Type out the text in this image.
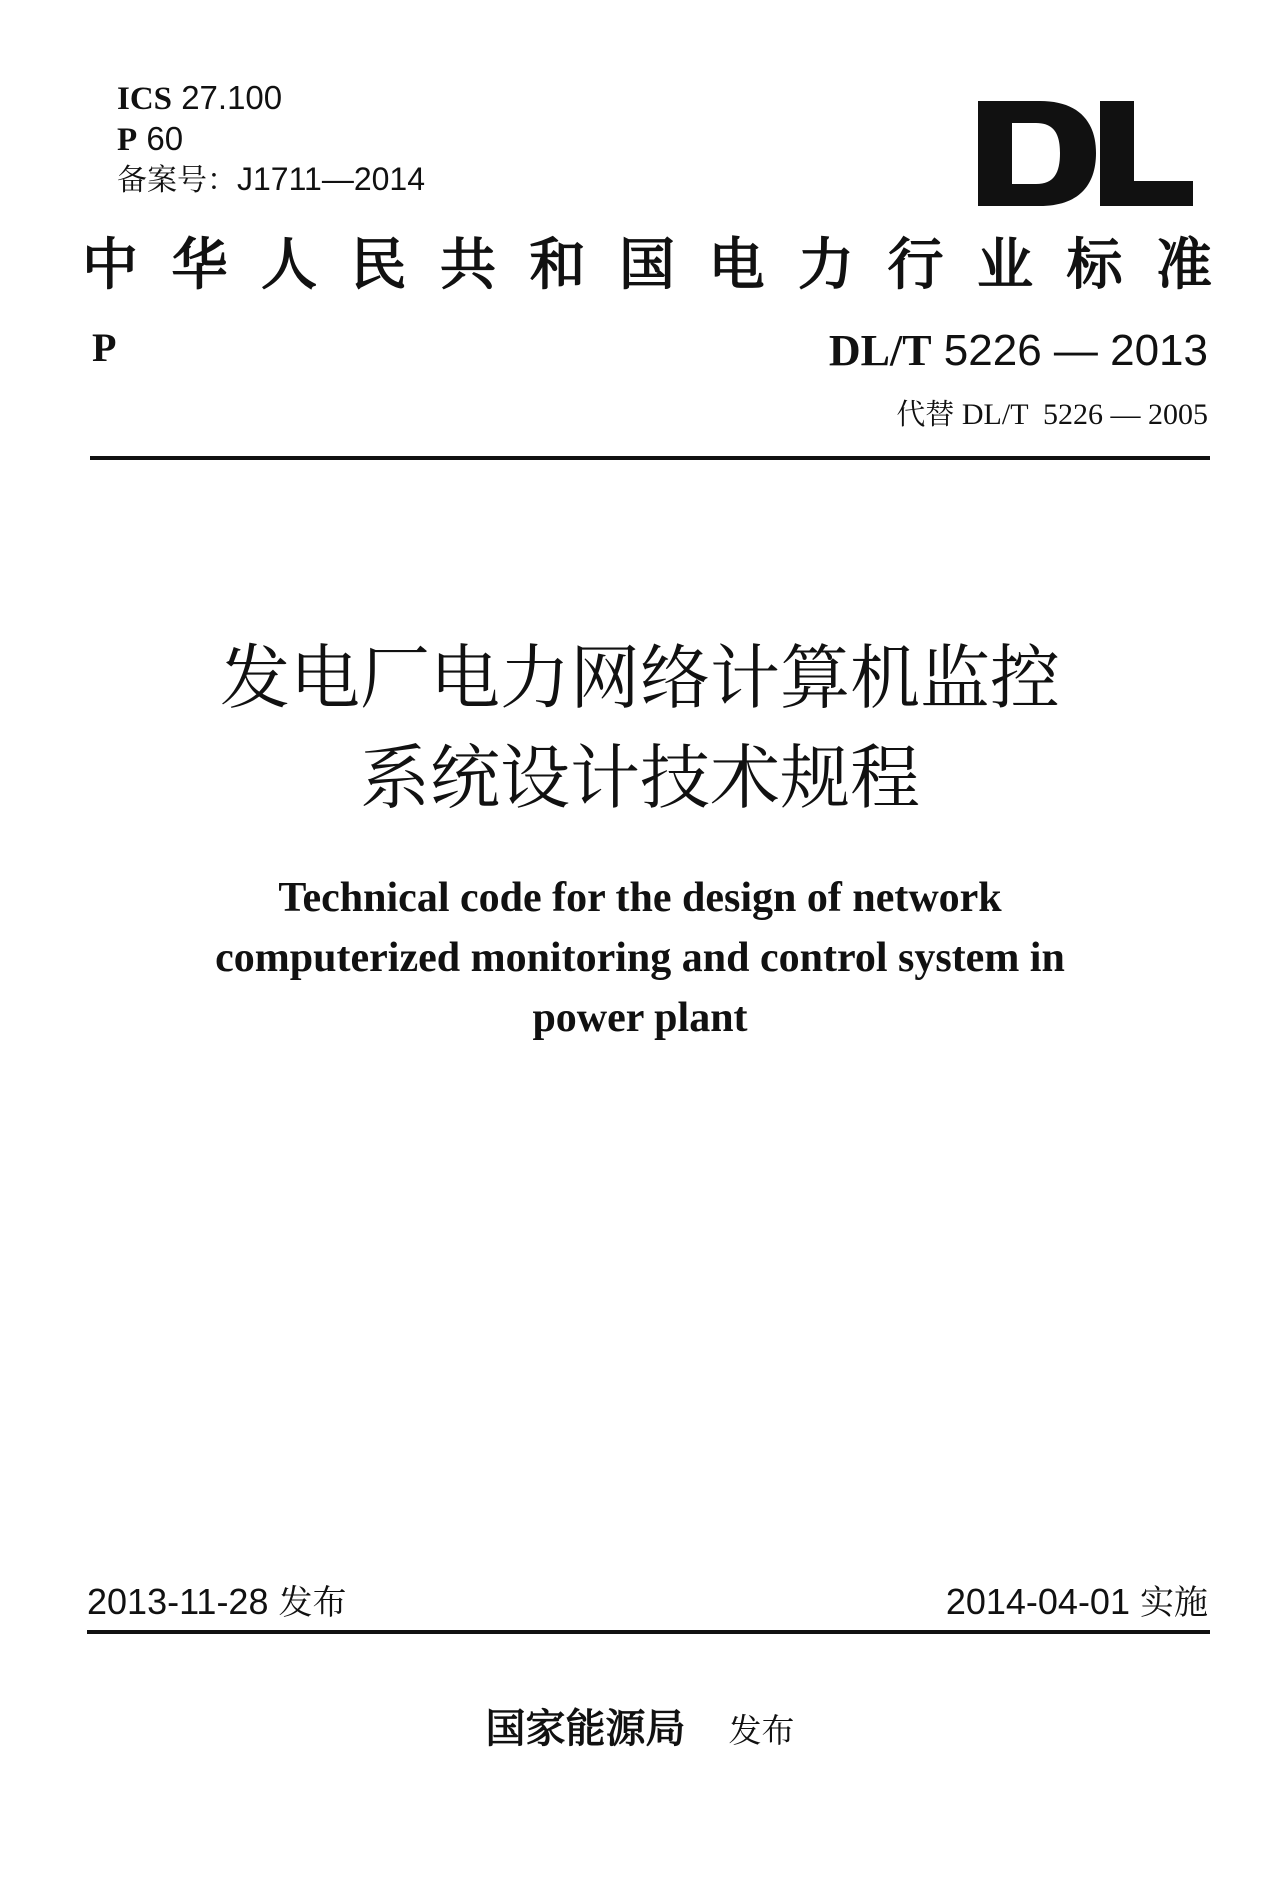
ICS 27.100
P 60
备案号：J1711—2014
中 华 人 民 共 和 国 电 力 行 业 标 准
P	DL/T 5226 — 2013
代替 DL/T  5226 — 2005
发电厂电力网络计算机监控
系统设计技术规程
Technical code for the design of network
computerized monitoring and control system in
power plant
2013-11-28 发布	2014-04-01 实施
国家能源局 发布
